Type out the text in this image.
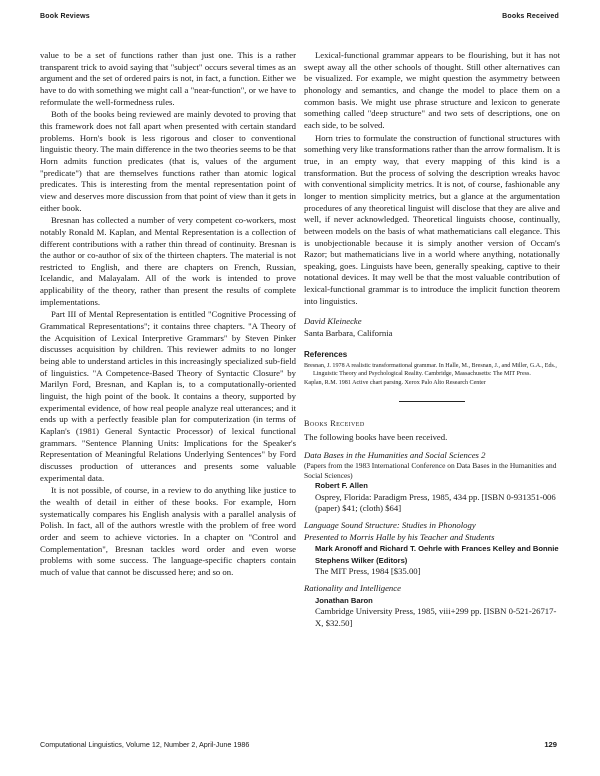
Book Reviews	Books Received

value to be a set of functions rather than just one. This is a rather transparent trick to avoid saying that "subject" occurs several times as an argument and the set of ordered pairs is not, in fact, a function. Either we have to do with something we might call a "near-function", or we have to reformulate the well-formedness rules.

Both of the books being reviewed are mainly devoted to proving that this framework does not fall apart when presented with certain standard problems. Horn's book is less rigorous and closer to conventional linguistic theory. The main difference in the two theories seems to be that Horn admits function predicates (that is, values of the argument "predicate") that are themselves functions rather than atomic logical predicates. This is interesting from the mental representation point of view and deserves more discussion from that point of view than it gets in either book.

Bresnan has collected a number of very competent co-workers, most notably Ronald M. Kaplan, and Mental Representation is a collection of different contributions with a rather thin thread of continuity. Bresnan is the author or co-author of six of the thirteen chapters. The material is not restricted to English, and there are chapters on French, Russian, Icelandic, and Malayalam. All of the work is intended to prove applicability of the theory, rather than present the results of complete implementations.

Part III of Mental Representation is entitled "Cognitive Processing of Grammatical Representations"; it contains three chapters. "A Theory of the Acquisition of Lexical Interpretive Grammars" by Steven Pinker discusses acquisition by children. This reviewer admits to no longer being able to understand articles in this increasingly specialized sub-field of linguistics. "A Competence-Based Theory of Syntactic Closure" by Marilyn Ford, Bresnan, and Kaplan is, to a computationally-oriented linguist, the high point of the book. It contains a theory, supported by experimental evidence, of how real people analyze real utterances; and it ends up with a perfectly feasible plan for computerization (in terms of Kaplan's (1981) General Syntactic Processor) of lexical functional grammars. "Sentence Planning Units: Implications for the Speaker's Representation of Meaningful Relations Underlying Sentences" by Ford discusses production of utterances and presents some valuable experimental data.

It is not possible, of course, in a review to do anything like justice to the wealth of detail in either of these books. For example, Horn systematically compares his English analysis with a parallel analysis of Polish. In fact, all of the authors wrestle with the problem of free word order and seem to achieve victories. In a chapter on "Control and Complementation", Bresnan tackles word order and even worse problems with some success. The language-specific chapters contain much of value that cannot be discussed here; and so on.

Lexical-functional grammar appears to be flourishing, but it has not swept away all the other schools of thought. Still other alternatives can be visualized. For example, we might question the asymmetry between phonology and semantics, and change the model to place them on a common basis. We might use phrase structure and lexicon to generate something called "deep structure" and two sets of descriptions, one on each side, to be solved.

Horn tries to formulate the construction of functional structures with something very like transformations rather than the arrow formalism. It is true, in an empty way, that every mapping of this kind is a transformation. But the process of solving the description wreaks havoc with conventional simplicity metrics. It is not, of course, fashionable any longer to mention simplicity metrics, but a glance at the argumentation procedures of any theoretical linguist will disclose that they are alive and well, if never acknowledged. Theoretical linguists choose, continually, between models on the basis of what mathematicians call elegance. This is unobjectionable because it is simply another version of Occam's Razor; but mathematicians live in a world where anything, notationally speaking, goes. Linguists have been, generally speaking, captive to their notational devices. It may well be that the most valuable contribution of lexical-functional grammar is to introduce the implicit function theorem into linguistics.

David Kleinecke
Santa Barbara, California
References
Bresnan, J. 1978 A realistic transformational grammar. In Halle, M., Bresnan, J., and Miller, G.A., Eds., Linguistic Theory and Psychological Reality. Cambridge, Massachusetts: The MIT Press.
Kaplan, R.M. 1981 Active chart parsing. Xerox Palo Alto Research Center
Books Received
The following books have been received.
Data Bases in the Humanities and Social Sciences 2
(Papers from the 1983 International Conference on Data Bases in the Humanities and Social Sciences)
Robert F. Allen
Osprey, Florida: Paradigm Press, 1985, 434 pp. [ISBN 0-931351-006 (paper) $41; (cloth) $64]
Language Sound Structure: Studies in Phonology
Presented to Morris Halle by his Teacher and Students
Mark Aronoff and Richard T. Oehrle with Frances Kelley and Bonnie Stephens Wilker (Editors)
The MIT Press, 1984 [$35.00]
Rationality and Intelligence
Jonathan Baron
Cambridge University Press, 1985, viii+299 pp. [ISBN 0-521-26717-X, $32.50]
Computational Linguistics, Volume 12, Number 2, April-June 1986	129
